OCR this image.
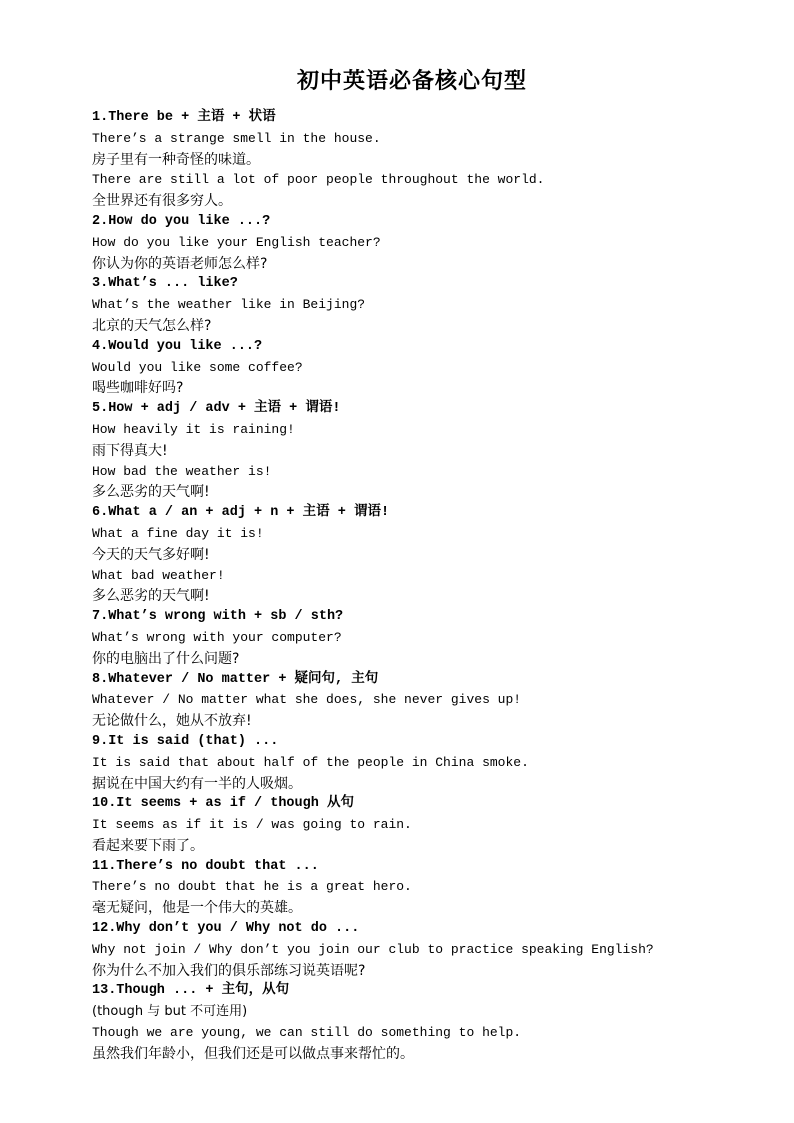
初中英语必备核心句型
1.There be + 主语 + 状语
There’s a strange smell in the house.
房子里有一种奇怪的味道。
There are still a lot of poor people throughout the world.
全世界还有很多穷人。
2.How do you like ...?
How do you like your English teacher?
你认为你的英语老师怎么样?
3.What’s ... like?
What’s the weather like in Beijing?
北京的天气怎么样?
4.Would you like ...?
Would you like some coffee?
喝些咖啡好吗?
5.How + adj / adv + 主语 + 谓语!
How heavily it is raining!
雨下得真大!
How bad the weather is!
多么恶劣的天气啊!
6.What a / an + adj + n + 主语 + 谓语!
What a fine day it is!
今天的天气多好啊!
What bad weather!
多么恶劣的天气啊!
7.What’s wrong with + sb / sth?
What’s wrong with your computer?
你的电脑出了什么问题?
8.Whatever / No matter + 疑问句, 主句
Whatever / No matter what she does, she never gives up!
无论做什么，她从不放弃!
9.It is said (that) ...
It is said that about half of the people in China smoke.
据说在中国大约有一半的人吸烟。
10.It seems + as if / though 从句
It seems as if it is / was going to rain.
看起来要下雨了。
11.There’s no doubt that ...
There’s no doubt that he is a great hero.
毫无疑问，他是一个伟大的英雄。
12.Why don’t you / Why not do ...
Why not join / Why don’t you join our club to practice speaking English?
你为什么不加入我们的俱乐部练习说英语呢?
13.Though ... + 主句，从句
(though 与 but 不可连用)
Though we are young, we can still do something to help.
虽然我们年龄小，但我们还是可以做点事来帮忙的。
